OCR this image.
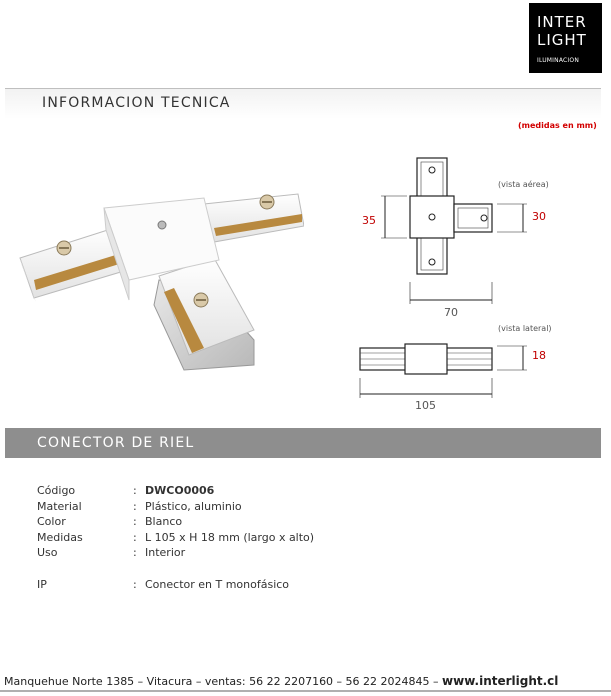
INTER
LIGHT
ILUMINACION
INFORMACION TECNICA
(medidas en mm)
(vista aérea)
35	30
70
(vista lateral)
18
105
CONECTOR DE RIEL
Código	: DWCO0006
Material	: Plástico, aluminio
Color	: Blanco
Medidas	: L 105 x H 18 mm (largo x alto)
Uso	: Interior
IP	: Conector en T monofásico
Manquehue Norte 1385 – Vitacura – ventas: 56 22 2207160 – 56 22 2024845 – www.interlight.cl
